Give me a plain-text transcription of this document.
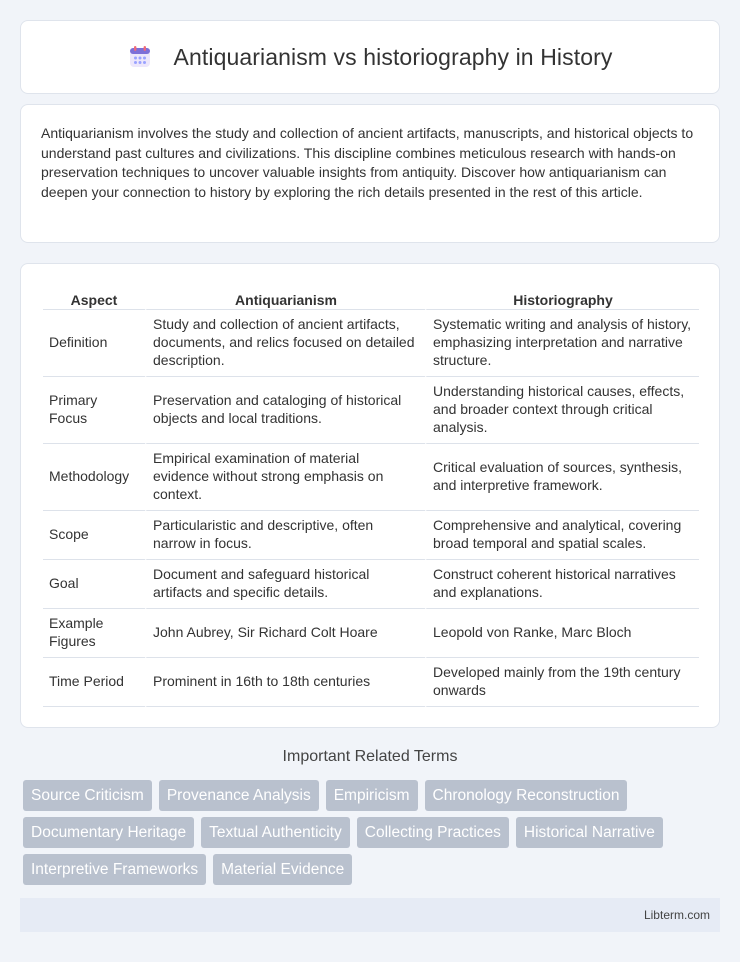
Antiquarianism vs historiography in History

Antiquarianism involves the study and collection of ancient artifacts, manuscripts, and historical objects to understand past cultures and civilizations. This discipline combines meticulous research with hands-on preservation techniques to uncover valuable insights from antiquity. Discover how antiquarianism can deepen your connection to history by exploring the rich details presented in the rest of this article.

Aspect	Antiquarianism	Historiography
Definition	Study and collection of ancient artifacts, documents, and relics focused on detailed description.	Systematic writing and analysis of history, emphasizing interpretation and narrative structure.
Primary Focus	Preservation and cataloging of historical objects and local traditions.	Understanding historical causes, effects, and broader context through critical analysis.
Methodology	Empirical examination of material evidence without strong emphasis on context.	Critical evaluation of sources, synthesis, and interpretive framework.
Scope	Particularistic and descriptive, often narrow in focus.	Comprehensive and analytical, covering broad temporal and spatial scales.
Goal	Document and safeguard historical artifacts and specific details.	Construct coherent historical narratives and explanations.
Example Figures	John Aubrey, Sir Richard Colt Hoare	Leopold von Ranke, Marc Bloch
Time Period	Prominent in 16th to 18th centuries	Developed mainly from the 19th century onwards
Important Related Terms
Source Criticism	Provenance Analysis	Empiricism	Chronology Reconstruction
Documentary Heritage	Textual Authenticity	Collecting Practices	Historical Narrative
Interpretive Frameworks	Material Evidence
Libterm.com
